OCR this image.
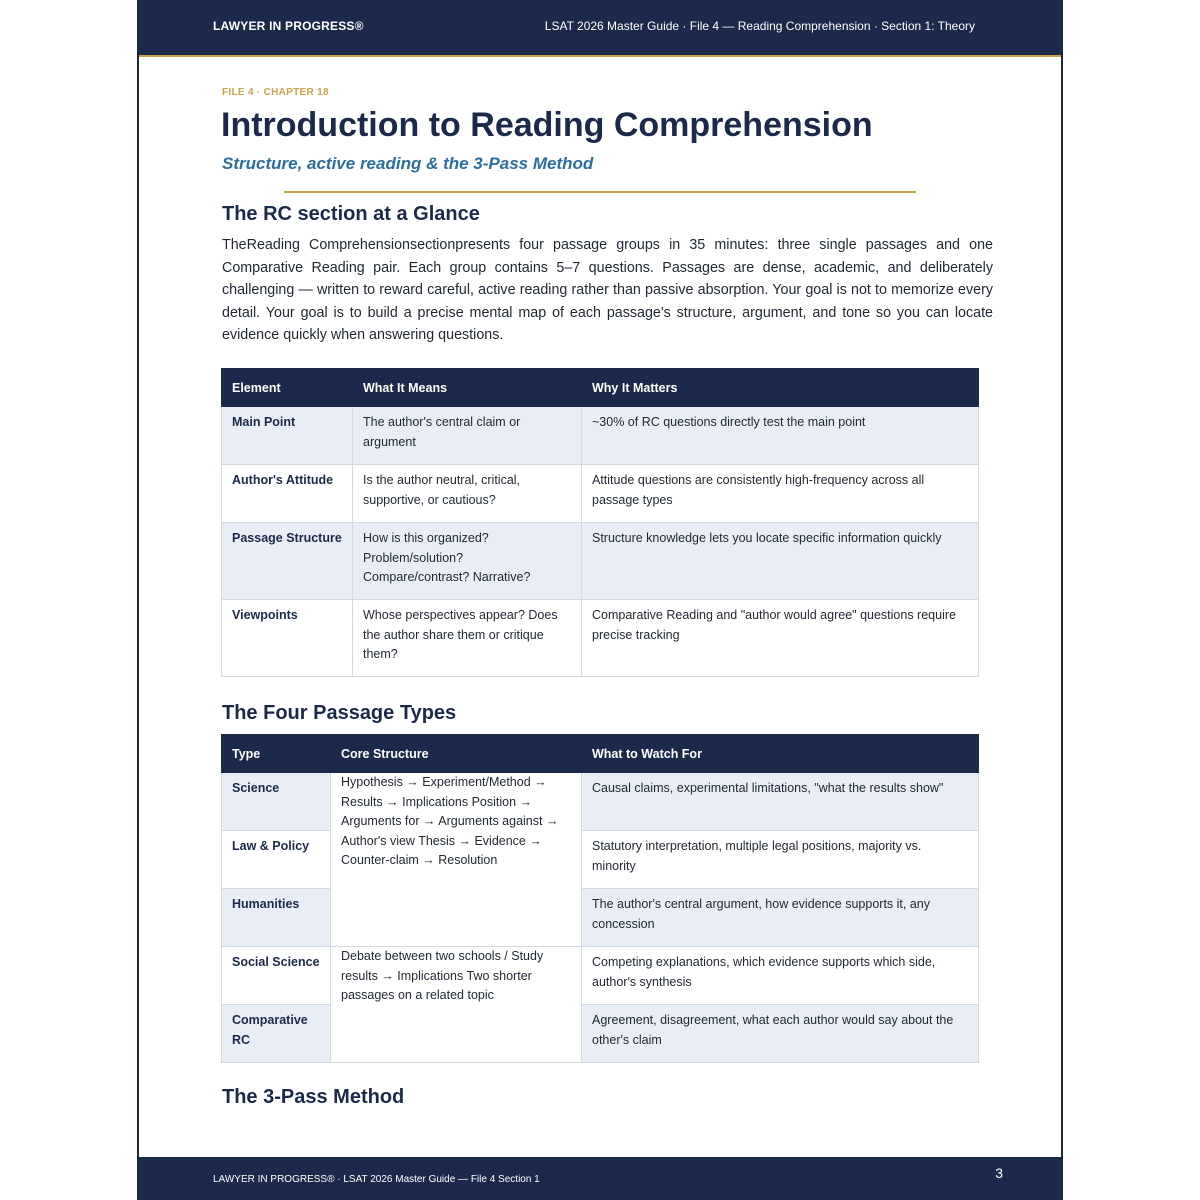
LAWYER IN PROGRESS®	LSAT 2026 Master Guide · File 4 — Reading Comprehension · Section 1: Theory
FILE 4 · CHAPTER 18
Introduction to Reading Comprehension
Structure, active reading & the 3-Pass Method
The RC section at a Glance

TheReading Comprehensionsectionpresents four passage groups in 35 minutes: three single passages and one Comparative Reading pair. Each group contains 5–7 questions. Passages are dense, academic, and deliberately challenging — written to reward careful, active reading rather than passive absorption. Your goal is not to memorize every detail. Your goal is to build a precise mental map of each passage's structure, argument, and tone so you can locate evidence quickly when answering questions.

Element	What It Means	Why It Matters
Main Point	The author's central claim or argument	~30% of RC questions directly test the main point
Author's Attitude	Is the author neutral, critical, supportive, or cautious?	Attitude questions are consistently high-frequency across all passage types
Passage Structure	How is this organized? Problem/solution? Compare/contrast? Narrative?	Structure knowledge lets you locate specific information quickly
Viewpoints	Whose perspectives appear? Does the author share them or critique them?	Comparative Reading and "author would agree" questions require precise tracking
The Four Passage Types
Type	Core Structure	What to Watch For
Science	Hypothesis → Experiment/Method → Results → Implications Position → Arguments for → Arguments against → Author's view Thesis → Evidence → Counter-claim → Resolution	Causal claims, experimental limitations, "what the results show"
Law & Policy		Statutory interpretation, multiple legal positions, majority vs. minority
Humanities		The author's central argument, how evidence supports it, any concession
Social Science	Debate between two schools / Study results → Implications Two shorter passages on a related topic	Competing explanations, which evidence supports which side, author's synthesis
Comparative RC		Agreement, disagreement, what each author would say about the other's claim
The 3-Pass Method
LAWYER IN PROGRESS® · LSAT 2026 Master Guide — File 4 Section 1	3
